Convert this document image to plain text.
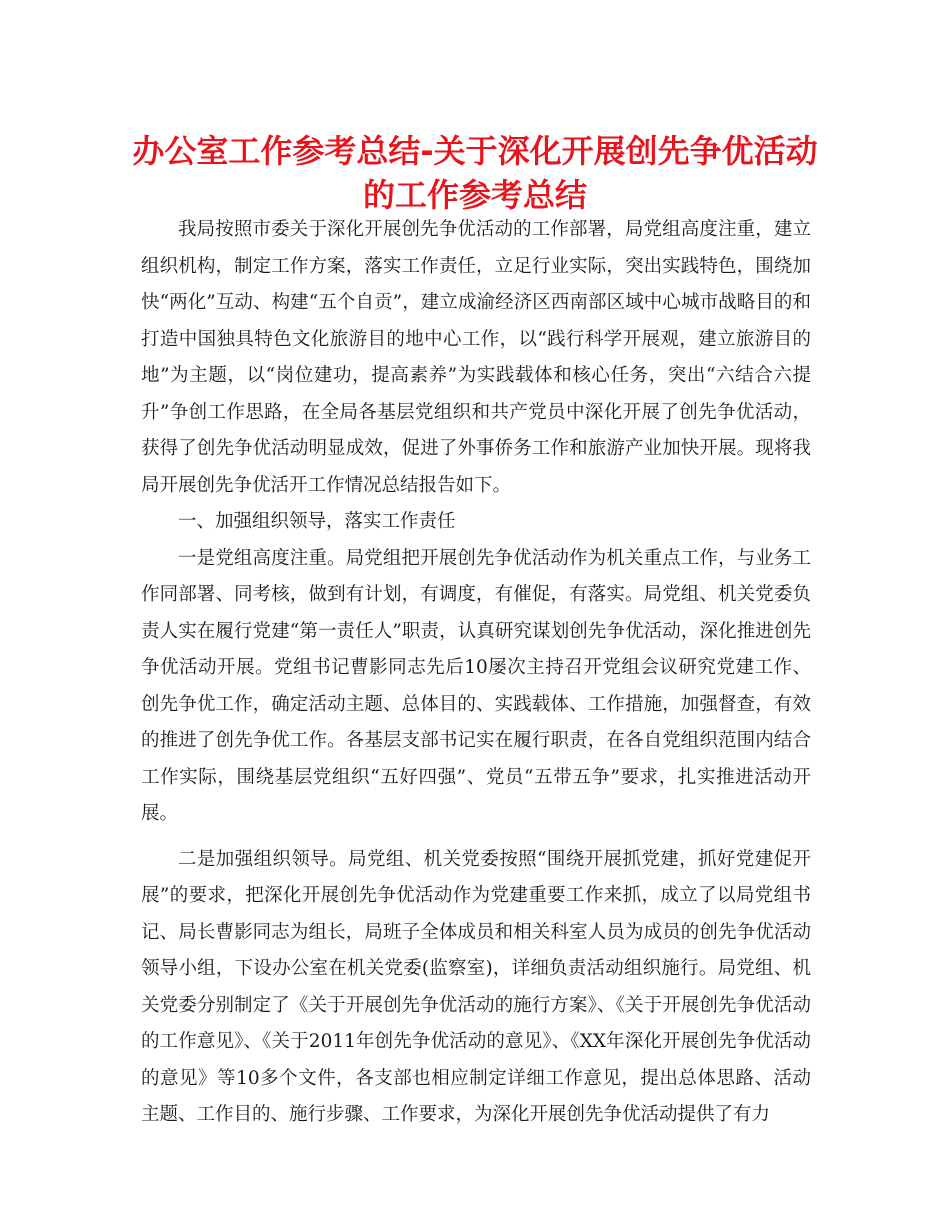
办公室工作参考总结-关于深化开展创先争优活动
的工作参考总结

我局按照市委关于深化开展创先争优活动的工作部署，局党组高度注重，建立组织机构，制定工作方案，落实工作责任，立足行业实际，突出实践特色，围绕加快“两化”互动、构建“五个自贡”，建立成渝经济区西南部区域中心城市战略目的和打造中国独具特色文化旅游目的地中心工作，以“践行科学开展观，建立旅游目的地”为主题，以“岗位建功，提高素养”为实践载体和核心任务，突出“六结合六提升”争创工作思路，在全局各基层党组织和共产党员中深化开展了创先争优活动，获得了创先争优活动明显成效，促进了外事侨务工作和旅游产业加快开展。现将我局开展创先争优活开工作情况总结报告如下。

一、加强组织领导，落实工作责任

一是党组高度注重。局党组把开展创先争优活动作为机关重点工作，与业务工作同部署、同考核，做到有计划，有调度，有催促，有落实。局党组、机关党委负责人实在履行党建“第一责任人”职责，认真研究谋划创先争优活动，深化推进创先争优活动开展。党组书记曹影同志先后10屡次主持召开党组会议研究党建工作、创先争优工作，确定活动主题、总体目的、实践载体、工作措施，加强督查，有效的推进了创先争优工作。各基层支部书记实在履行职责，在各自党组织范围内结合工作实际，围绕基层党组织“五好四强”、党员“五带五争”要求，扎实推进活动开展。

二是加强组织领导。局党组、机关党委按照“围绕开展抓党建，抓好党建促开展”的要求，把深化开展创先争优活动作为党建重要工作来抓，成立了以局党组书记、局长曹影同志为组长，局班子全体成员和相关科室人员为成员的创先争优活动领导小组，下设办公室在机关党委(监察室)，详细负责活动组织施行。局党组、机关党委分别制定了《关于开展创先争优活动的施行方案》、《关于开展创先争优活动的工作意见》、《关于2011年创先争优活动的意见》、《XX年深化开展创先争优活动的意见》等10多个文件，各支部也相应制定详细工作意见，提出总体思路、活动主题、工作目的、施行步骤、工作要求，为深化开展创先争优活动提供了有力
